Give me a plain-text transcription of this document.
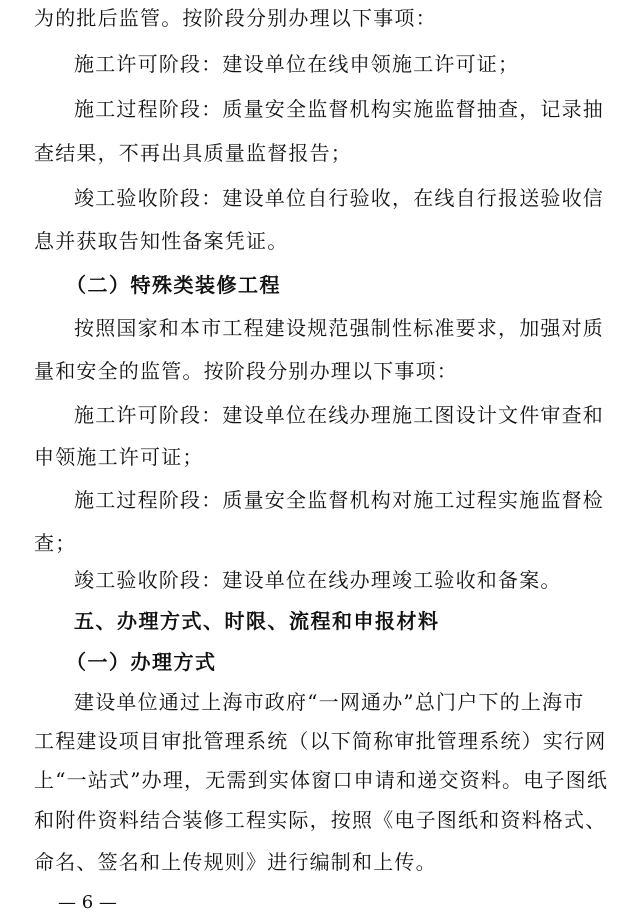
为的批后监管。按阶段分别办理以下事项：
施工许可阶段：建设单位在线申领施工许可证；
施工过程阶段：质量安全监督机构实施监督抽查，记录抽
查结果，不再出具质量监督报告；
竣工验收阶段：建设单位自行验收，在线自行报送验收信
息并获取告知性备案凭证。
（二）特殊类装修工程
按照国家和本市工程建设规范强制性标准要求，加强对质
量和安全的监管。按阶段分别办理以下事项：
施工许可阶段：建设单位在线办理施工图设计文件审查和
申领施工许可证；
施工过程阶段：质量安全监督机构对施工过程实施监督检
查；
竣工验收阶段：建设单位在线办理竣工验收和备案。
五、办理方式、时限、流程和申报材料
（一）办理方式
建设单位通过上海市政府“一网通办”总门户下的上海市
工程建设项目审批管理系统（以下简称审批管理系统）实行网
上“一站式”办理，无需到实体窗口申请和递交资料。电子图纸
和附件资料结合装修工程实际，按照《电子图纸和资料格式、
— 6 —
命名、签名和上传规则》进行编制和上传。
